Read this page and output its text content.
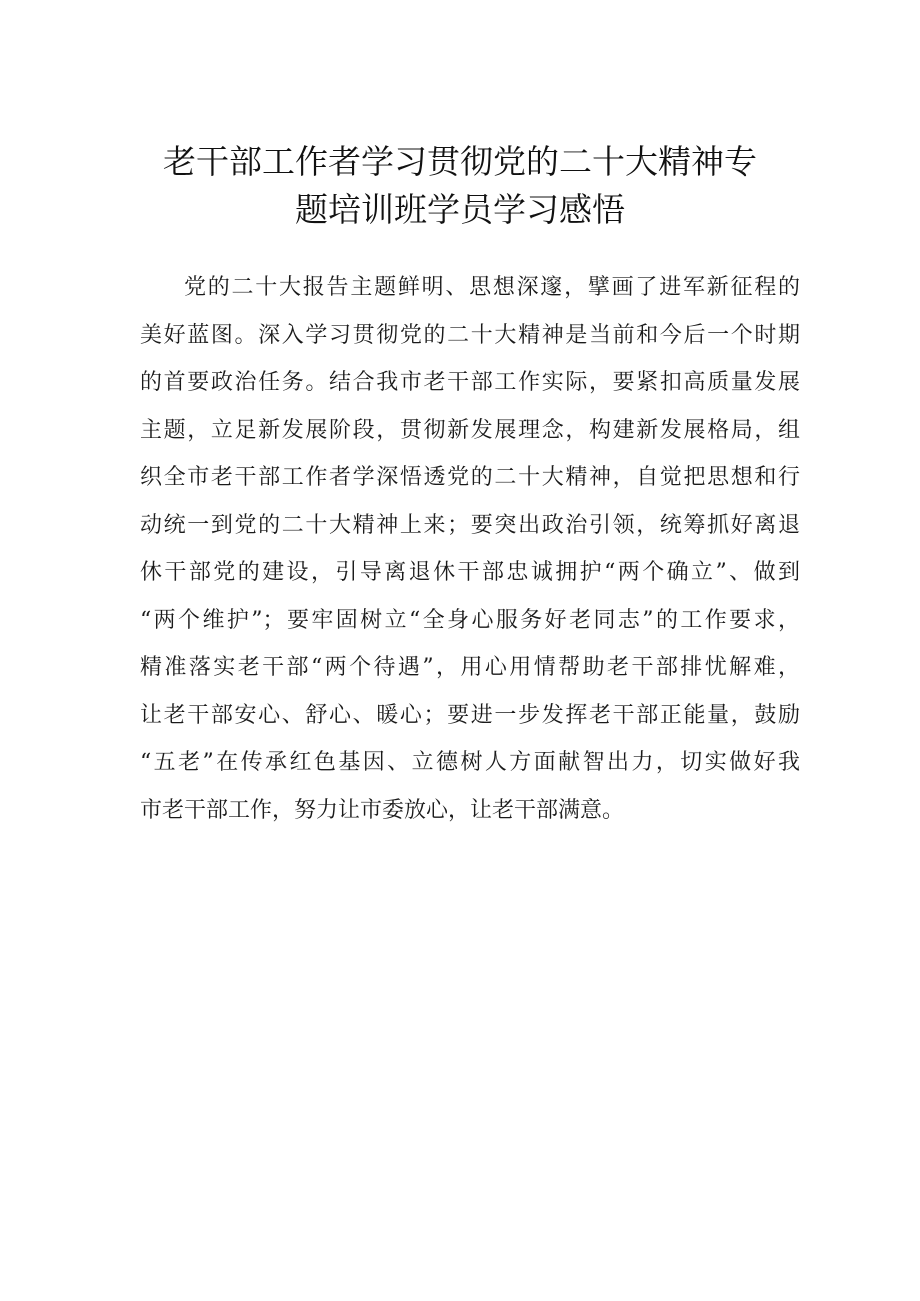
老干部工作者学习贯彻党的二十大精神专
题培训班学员学习感悟
党的二十大报告主题鲜明、思想深邃，擘画了进军新征程的
美好蓝图。深入学习贯彻党的二十大精神是当前和今后一个时期
的首要政治任务。结合我市老干部工作实际，要紧扣高质量发展
主题，立足新发展阶段，贯彻新发展理念，构建新发展格局，组
织全市老干部工作者学深悟透党的二十大精神，自觉把思想和行
动统一到党的二十大精神上来；要突出政治引领，统筹抓好离退
休干部党的建设，引导离退休干部忠诚拥护“两个确立”、做到
“两个维护”；要牢固树立“全身心服务好老同志”的工作要求，
精准落实老干部“两个待遇”，用心用情帮助老干部排忧解难，
让老干部安心、舒心、暖心；要进一步发挥老干部正能量，鼓励
“五老”在传承红色基因、立德树人方面献智出力，切实做好我
市老干部工作，努力让市委放心，让老干部满意。
